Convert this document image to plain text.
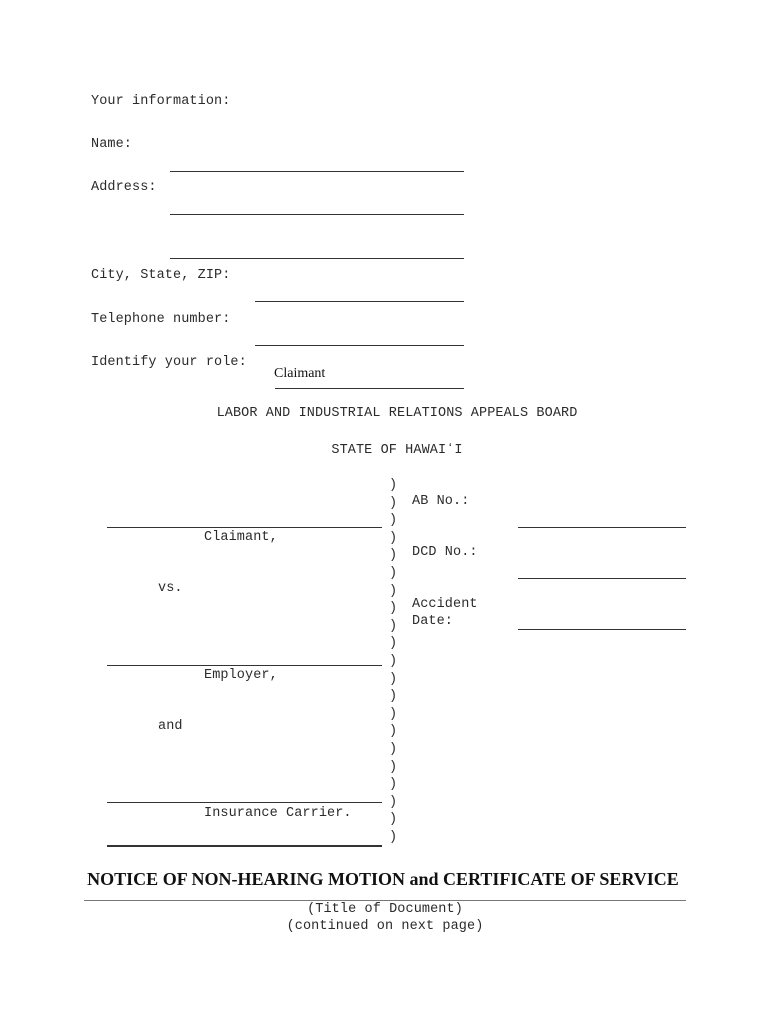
Your information:
Name:
Address:
City, State, ZIP:
Telephone number:
Identify your role:
Claimant
LABOR AND INDUSTRIAL RELATIONS APPEALS BOARD
STATE OF HAWAIʻI
Claimant,
vs.
Employer,
and
Insurance Carrier.
)
)
)
)
)
)
)
)
)
)
)
)
)
)
)
)
)
)
)
)
)
AB No.:
DCD No.:
Accident
Date:
NOTICE OF NON-HEARING MOTION and CERTIFICATE OF SERVICE
(Title of Document)
(continued on next page)
